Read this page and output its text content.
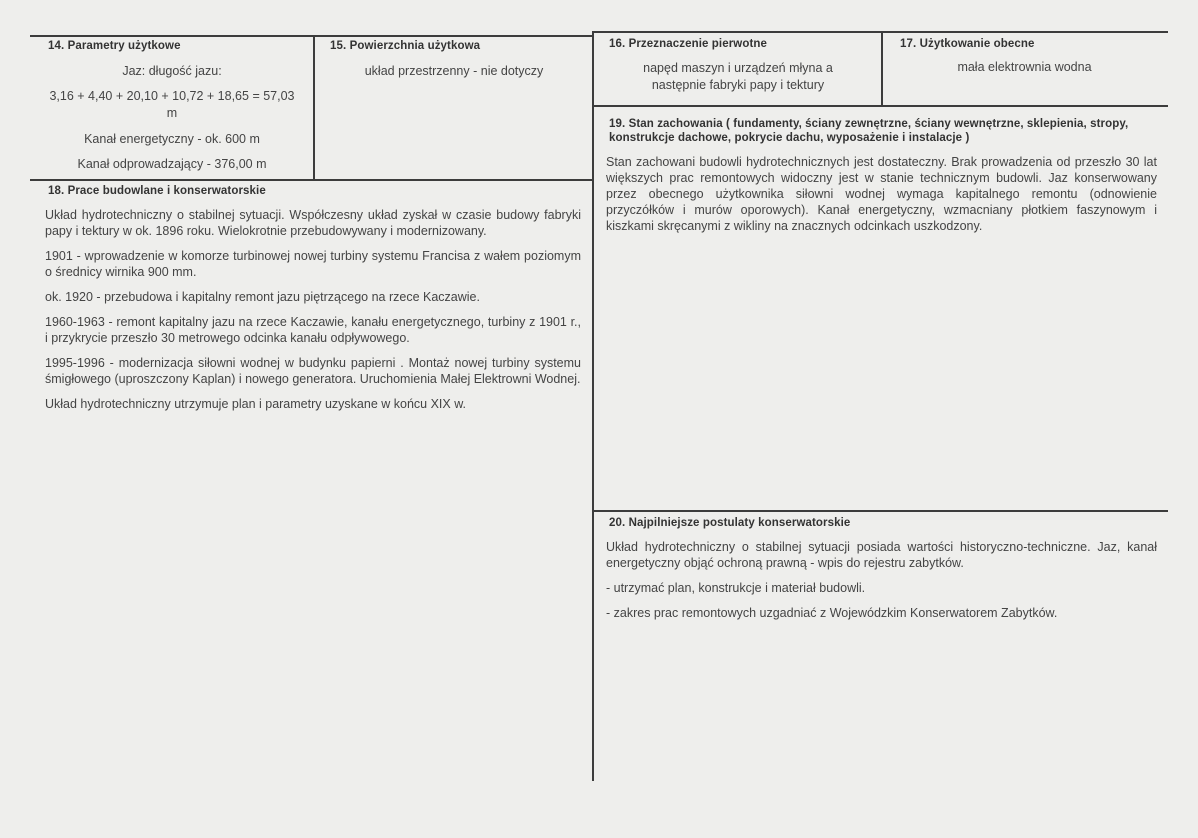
14. Parametry użytkowe

Jaz: długość jazu:

3,16 + 4,40 + 20,10 + 10,72 + 18,65 = 57,03 m

Kanał energetyczny - ok. 600 m

Kanał odprowadzający - 376,00 m

15. Powierzchnia użytkowa
układ przestrzenny - nie dotyczy
16. Przeznaczenie pierwotne
napęd maszyn i urządzeń młyna a następnie fabryki papy i tektury
17. Użytkowanie obecne
mała elektrownia wodna
18. Prace budowlane i konserwatorskie

Układ hydrotechniczny o stabilnej sytuacji. Współczesny układ zyskał w czasie budowy fabryki papy i tektury w ok. 1896 roku. Wielokrotnie przebudowywany i modernizowany.

1901 - wprowadzenie w komorze turbinowej nowej turbiny systemu Francisa z wałem poziomym o średnicy wirnika 900 mm.

ok. 1920 - przebudowa i kapitalny remont jazu piętrzącego na rzece Kaczawie.

1960-1963 - remont kapitalny jazu na rzece Kaczawie, kanału energetycznego, turbiny z 1901 r., i przykrycie przeszło 30 metrowego odcinka kanału odpływowego.

1995-1996 - modernizacja siłowni wodnej w budynku papierni . Montaż nowej turbiny systemu śmigłowego (uproszczony Kaplan) i nowego generatora. Uruchomienia Małej Elektrowni Wodnej.

Układ hydrotechniczny utrzymuje plan i parametry uzyskane w końcu XIX w.

19. Stan zachowania ( fundamenty, ściany zewnętrzne, ściany wewnętrzne, sklepienia, stropy, konstrukcje dachowe, pokrycie dachu, wyposażenie i instalacje )
Stan zachowani budowli hydrotechnicznych jest dostateczny. Brak prowadzenia od przeszło 30 lat większych prac remontowych widoczny jest w stanie technicznym budowli. Jaz konserwowany przez obecnego użytkownika siłowni wodnej wymaga kapitalnego remontu (odnowienie przyczółków i murów oporowych). Kanał energetyczny, wzmacniany płotkiem faszynowym i kiszkami skręcanymi z wikliny na znacznych odcinkach uszkodzony.
20. Najpilniejsze postulaty konserwatorskie

Układ hydrotechniczny o stabilnej sytuacji posiada wartości historyczno-techniczne. Jaz, kanał energetyczny objąć ochroną prawną - wpis do rejestru zabytków.

- utrzymać plan, konstrukcje i materiał budowli.

- zakres prac remontowych uzgadniać z Wojewódzkim Konserwatorem Zabytków.
